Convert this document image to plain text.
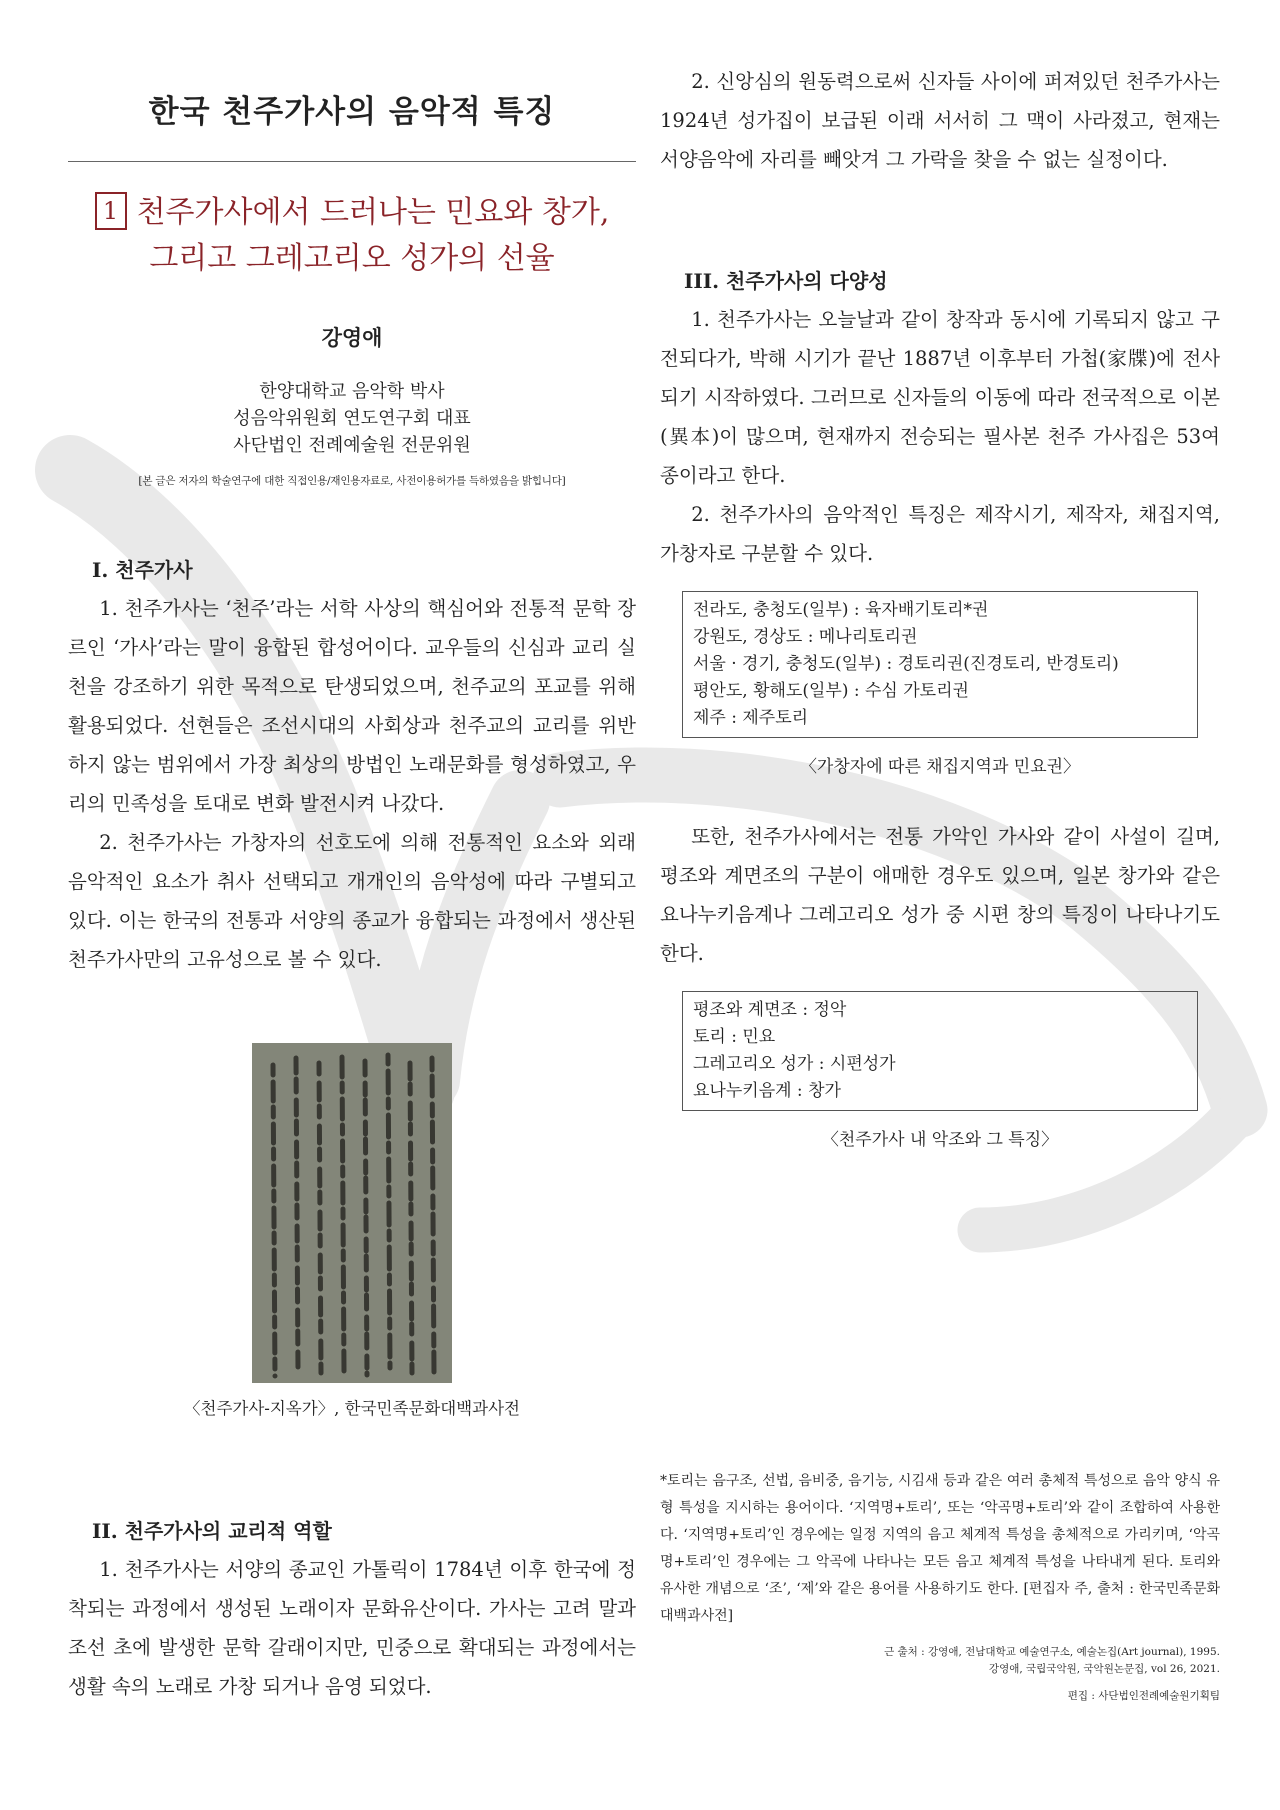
한국 천주가사의 음악적 특징
1 천주가사에서 드러나는 민요와 창가,
그리고 그레고리오 성가의 선율
강영애
한양대학교 음악학 박사
성음악위원회 연도연구회 대표
사단법인 전례예술원 전문위원
[본 글은 저자의 학술연구에 대한 직접인용/재인용자료로, 사전이용허가를 득하였음을 밝힙니다]
I. 천주가사

1. 천주가사는 ‘천주’라는 서학 사상의 핵심어와 전통적 문학 장르인 ‘가사’라는 말이 융합된 합성어이다. 교우들의 신심과 교리 실천을 강조하기 위한 목적으로 탄생되었으며, 천주교의 포교를 위해 활용되었다. 선현들은 조선시대의 사회상과 천주교의 교리를 위반하지 않는 범위에서 가장 최상의 방법인 노래문화를 형성하였고, 우리의 민족성을 토대로 변화 발전시켜 나갔다.

2. 천주가사는 가창자의 선호도에 의해 전통적인 요소와 외래 음악적인 요소가 취사 선택되고 개개인의 음악성에 따라 구별되고 있다. 이는 한국의 전통과 서양의 종교가 융합되는 과정에서 생산된 천주가사만의 고유성으로 볼 수 있다.

〈천주가사-지옥가〉, 한국민족문화대백과사전
II. 천주가사의 교리적 역할

1. 천주가사는 서양의 종교인 가톨릭이 1784년 이후 한국에 정착되는 과정에서 생성된 노래이자 문화유산이다. 가사는 고려 말과 조선 초에 발생한 문학 갈래이지만, 민중으로 확대되는 과정에서는 생활 속의 노래로 가창 되거나 음영 되었다.

2. 신앙심의 원동력으로써 신자들 사이에 퍼져있던 천주가사는 1924년 성가집이 보급된 이래 서서히 그 맥이 사라졌고, 현재는 서양음악에 자리를 빼앗겨 그 가락을 찾을 수 없는 실정이다.

III. 천주가사의 다양성

1. 천주가사는 오늘날과 같이 창작과 동시에 기록되지 않고 구전되다가, 박해 시기가 끝난 1887년 이후부터 가첩(家牒)에 전사되기 시작하였다. 그러므로 신자들의 이동에 따라 전국적으로 이본(異本)이 많으며, 현재까지 전승되는 필사본 천주 가사집은 53여 종이라고 한다.

2. 천주가사의 음악적인 특징은 제작시기, 제작자, 채집지역, 가창자로 구분할 수 있다.

전라도, 충청도(일부) : 육자배기토리*권
강원도, 경상도 : 메나리토리권
서울 · 경기, 충청도(일부) : 경토리권(진경토리, 반경토리)
평안도, 황해도(일부) : 수심 가토리권
제주 : 제주토리
〈가창자에 따른 채집지역과 민요권〉

또한, 천주가사에서는 전통 가악인 가사와 같이 사설이 길며, 평조와 계면조의 구분이 애매한 경우도 있으며, 일본 창가와 같은 요나누키음계나 그레고리오 성가 중 시편 창의 특징이 나타나기도 한다.

평조와 계면조 : 정악
토리 : 민요
그레고리오 성가 : 시편성가
요나누키음계 : 창가
〈천주가사 내 악조와 그 특징〉

*토리는 음구조, 선법, 음비중, 음기능, 시김새 등과 같은 여러 총체적 특성으로 음악 양식 유형 특성을 지시하는 용어이다. ‘지역명+토리’, 또는 ‘악곡명+토리’와 같이 조합하여 사용한다. ‘지역명+토리’인 경우에는 일정 지역의 음고 체계적 특성을 총체적으로 가리키며, ‘악곡명+토리’인 경우에는 그 악곡에 나타나는 모든 음고 체계적 특성을 나타내게 된다. 토리와 유사한 개념으로 ‘조’, ‘제’와 같은 용어를 사용하기도 한다. [편집자 주, 출처 : 한국민족문화대백과사전]

근 출처 : 강영애, 전남대학교 예술연구소, 예술논집(Art journal), 1995.
강영애, 국립국악원, 국악원논문집, vol 26, 2021.
편집 : 사단법인전례예술원기획팀
